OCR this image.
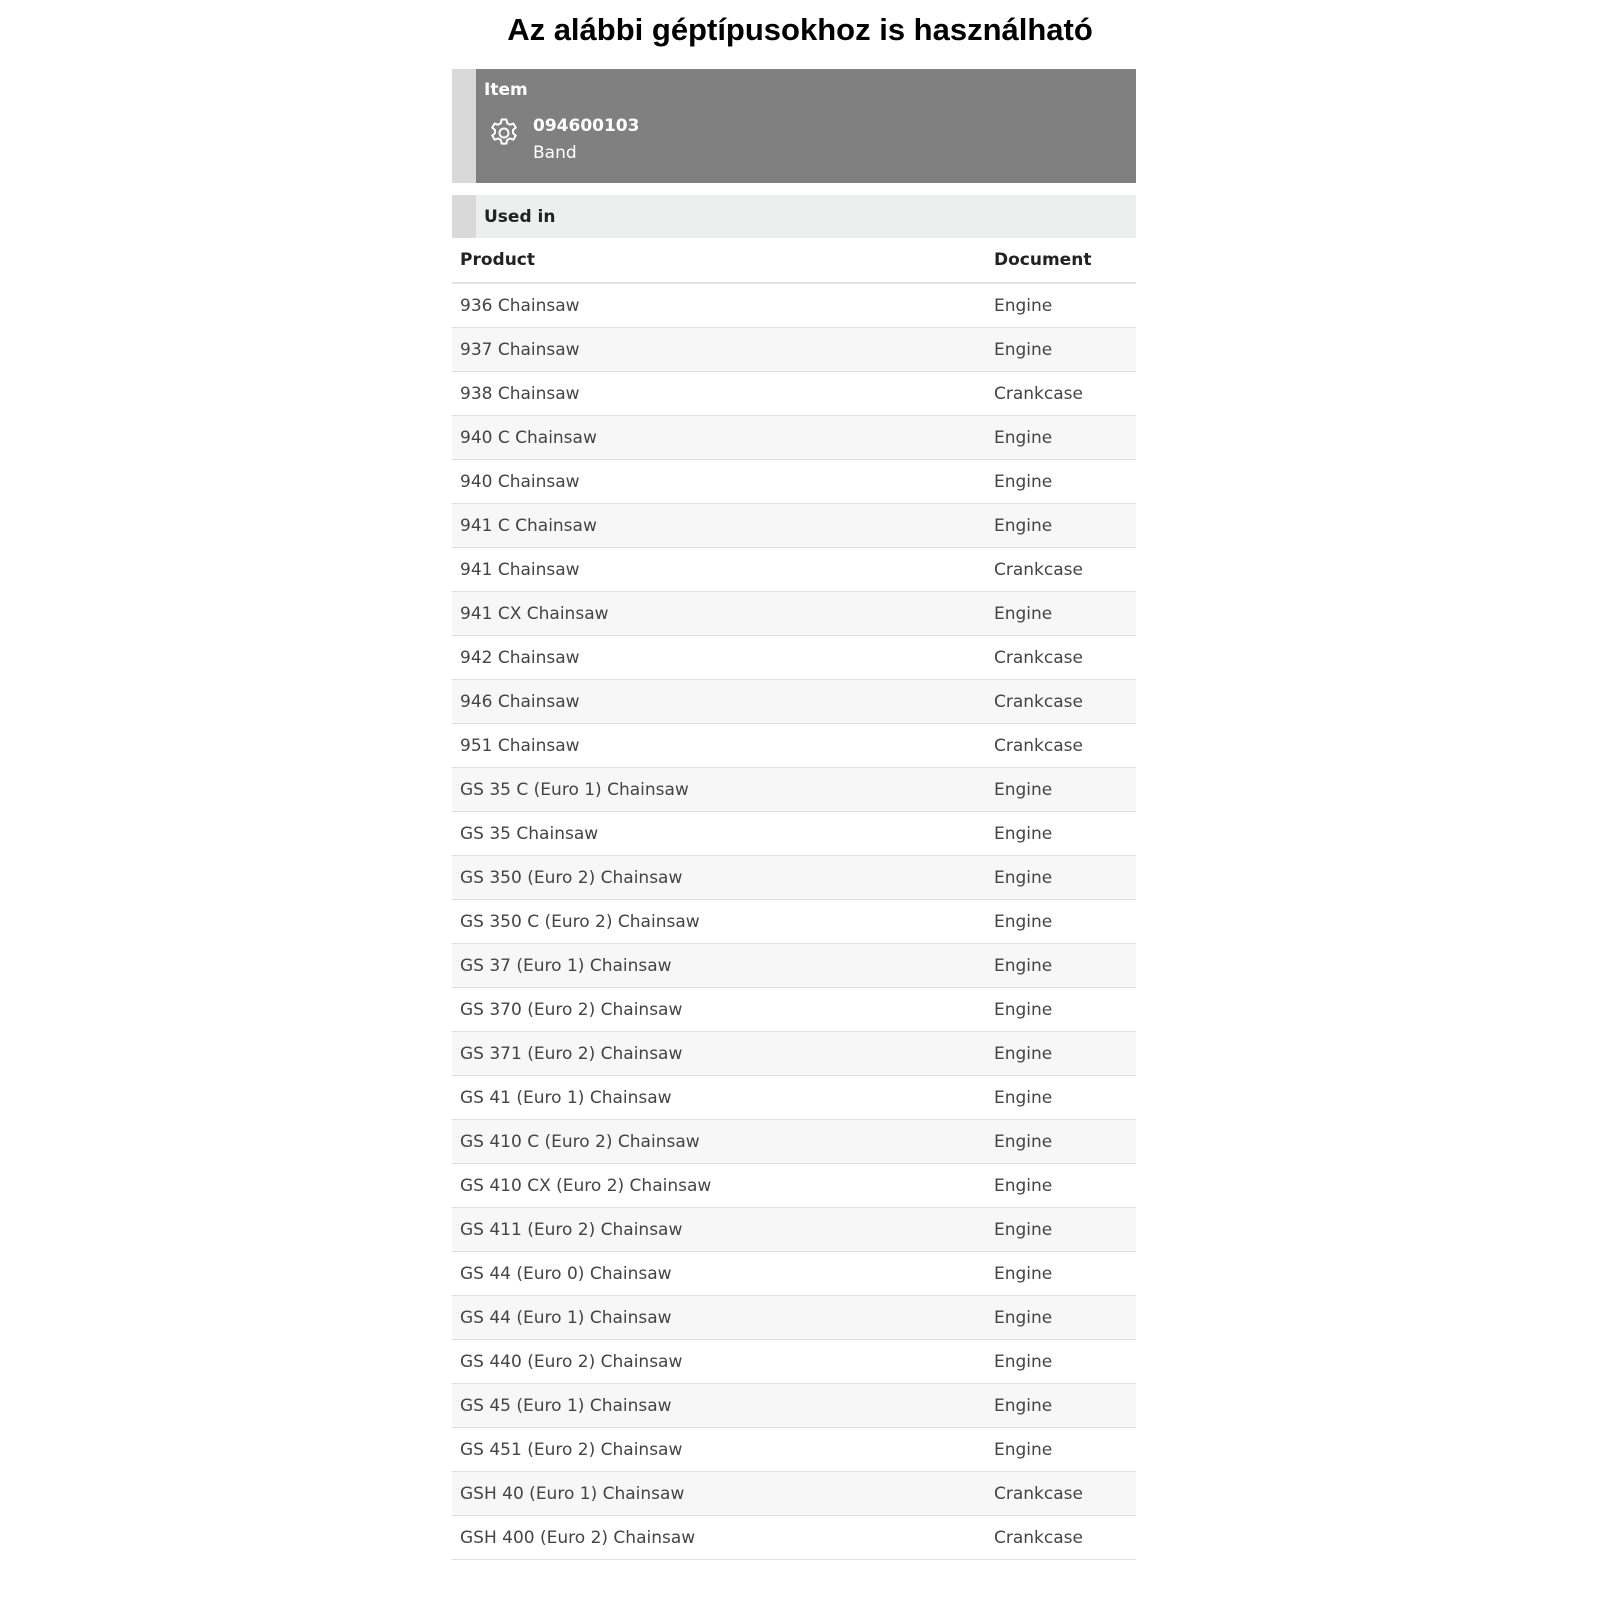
Az alábbi géptípusokhoz is használható
Item
094600103
Band
Used in
Product	Document
936 Chainsaw	Engine
937 Chainsaw	Engine
938 Chainsaw	Crankcase
940 C Chainsaw	Engine
940 Chainsaw	Engine
941 C Chainsaw	Engine
941 Chainsaw	Crankcase
941 CX Chainsaw	Engine
942 Chainsaw	Crankcase
946 Chainsaw	Crankcase
951 Chainsaw	Crankcase
GS 35 C (Euro 1) Chainsaw	Engine
GS 35 Chainsaw	Engine
GS 350 (Euro 2) Chainsaw	Engine
GS 350 C (Euro 2) Chainsaw	Engine
GS 37 (Euro 1) Chainsaw	Engine
GS 370 (Euro 2) Chainsaw	Engine
GS 371 (Euro 2) Chainsaw	Engine
GS 41 (Euro 1) Chainsaw	Engine
GS 410 C (Euro 2) Chainsaw	Engine
GS 410 CX (Euro 2) Chainsaw	Engine
GS 411 (Euro 2) Chainsaw	Engine
GS 44 (Euro 0) Chainsaw	Engine
GS 44 (Euro 1) Chainsaw	Engine
GS 440 (Euro 2) Chainsaw	Engine
GS 45 (Euro 1) Chainsaw	Engine
GS 451 (Euro 2) Chainsaw	Engine
GSH 40 (Euro 1) Chainsaw	Crankcase
GSH 400 (Euro 2) Chainsaw	Crankcase
